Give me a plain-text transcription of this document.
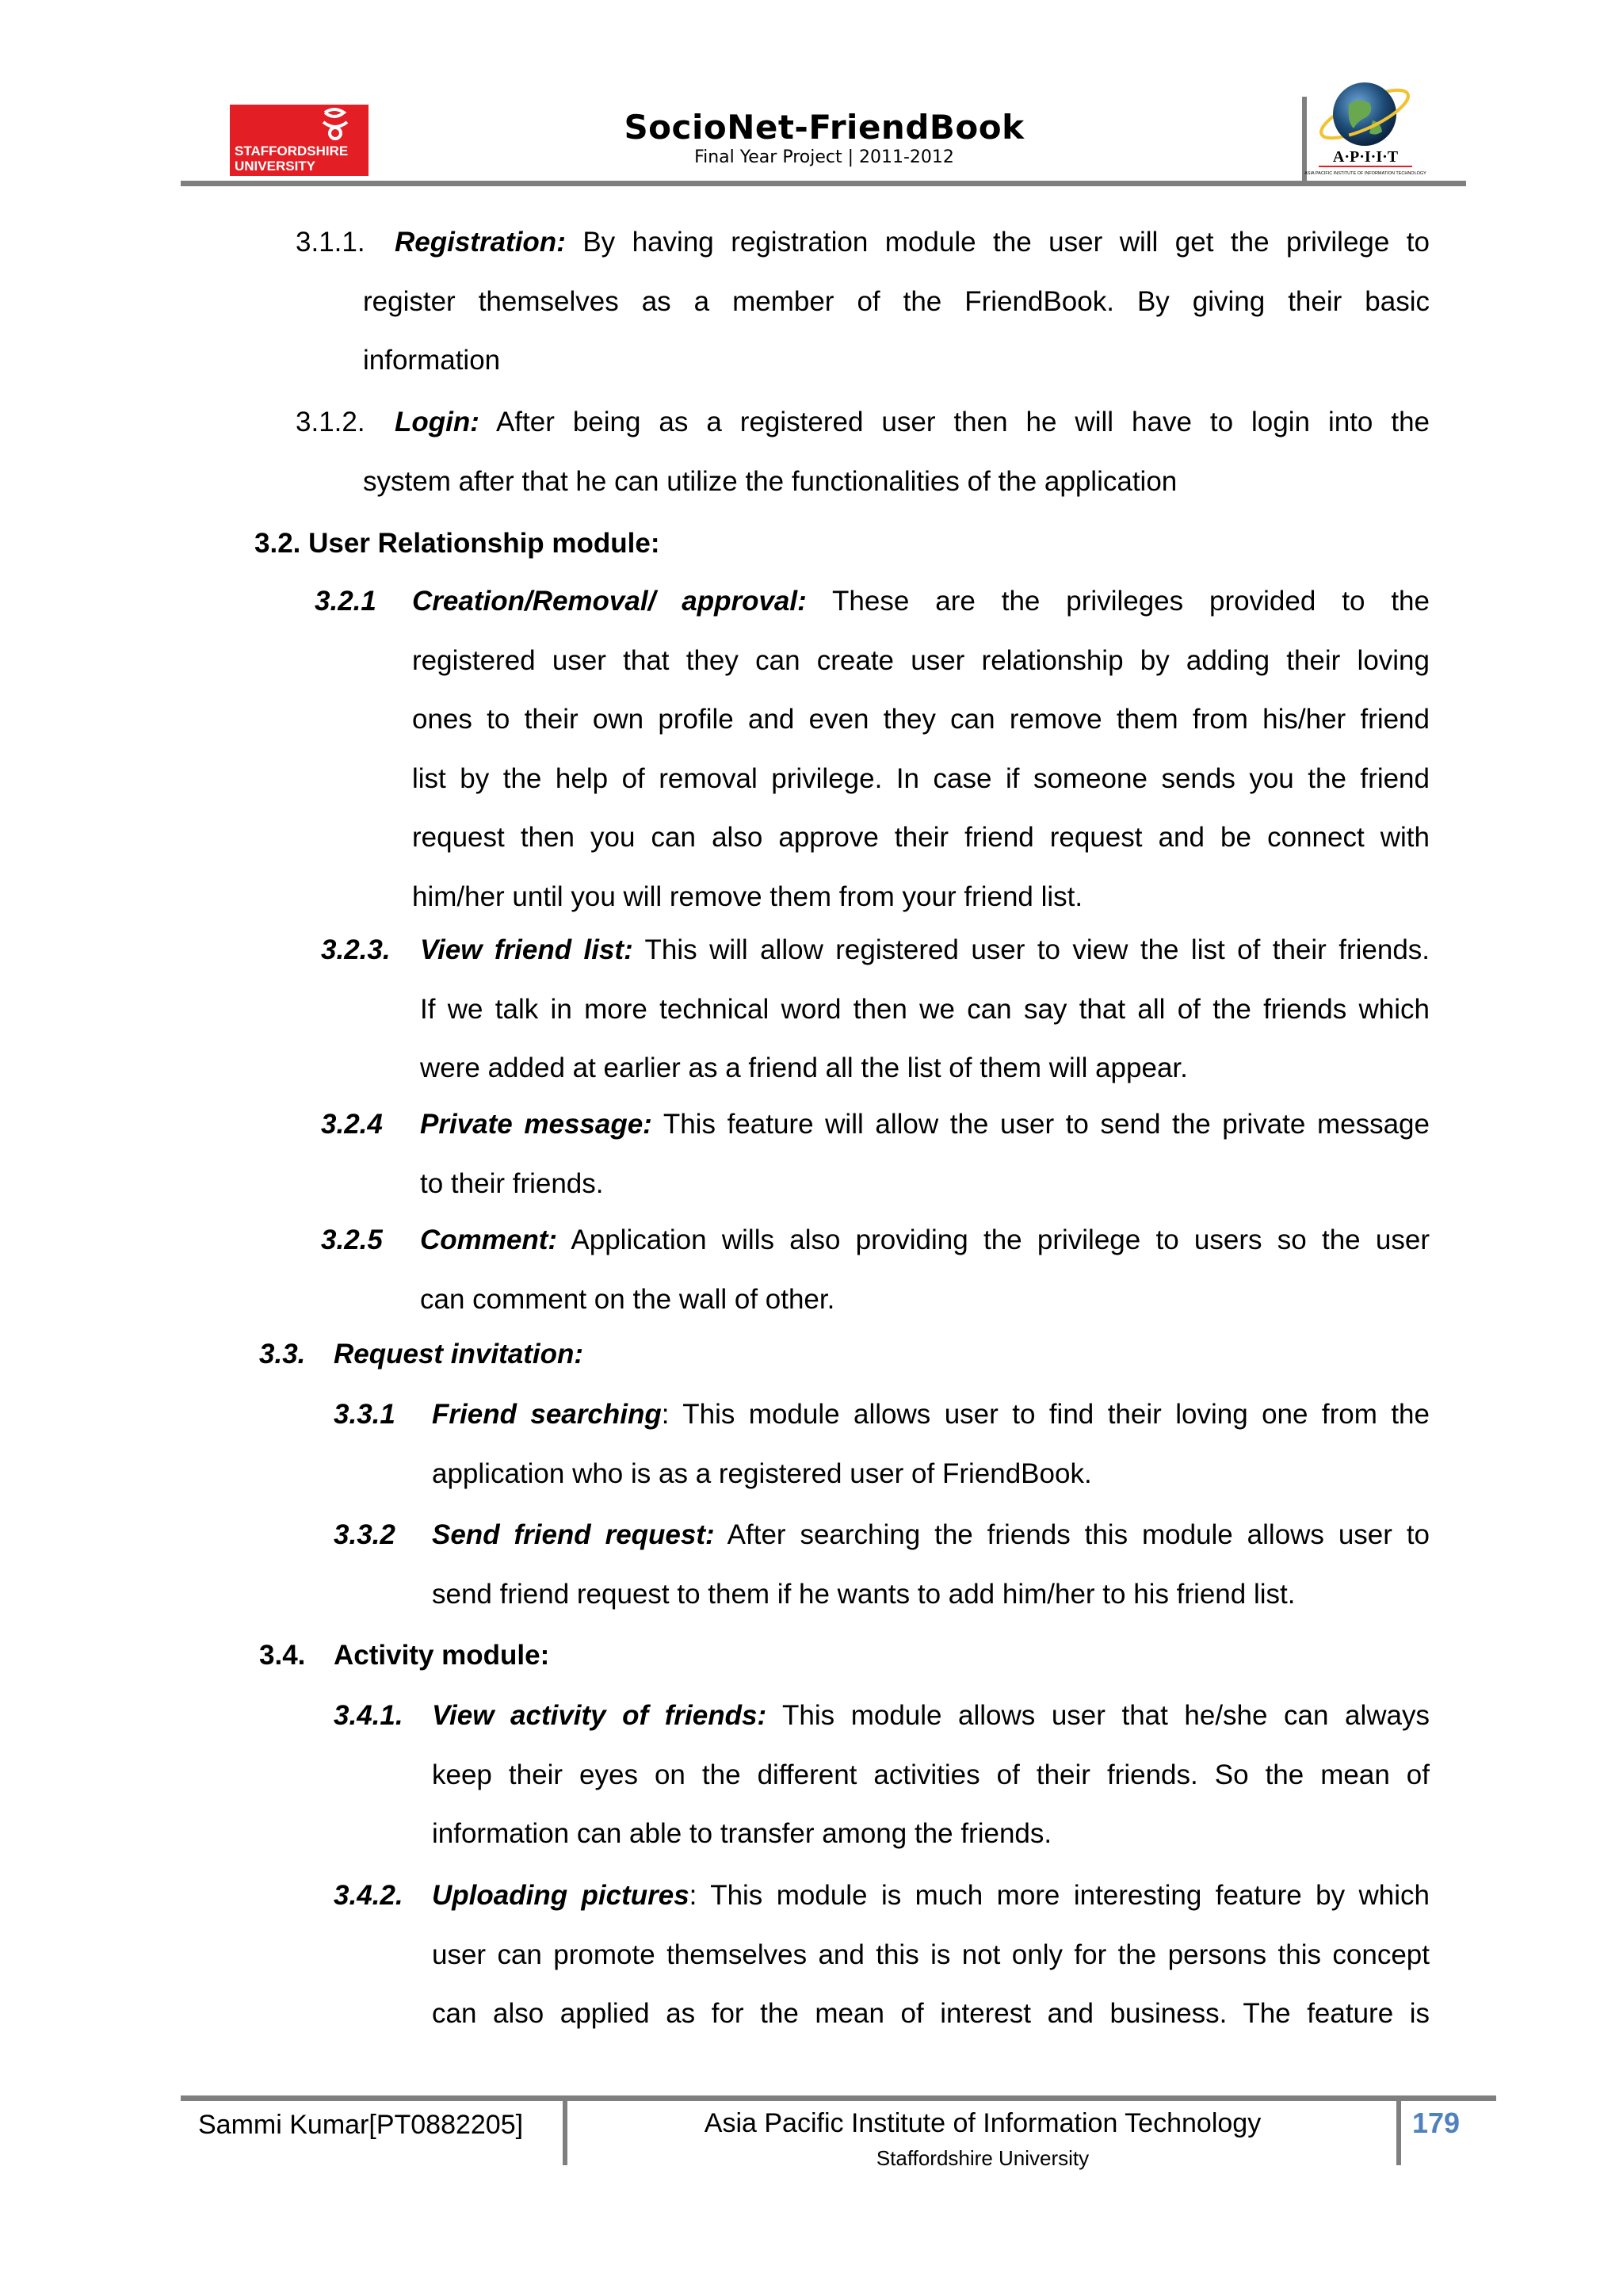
STAFFORDSHIRE
UNIVERSITY
SocioNet-FriendBook
Final Year Project | 2011-2012	A·P·I·I·T
ASIA PACIFIC INSTITUTE OF INFORMATION TECHNOLOGY
3.1.1. Registration: By having registration module the user will get the privilege to
register themselves as a member of the FriendBook. By giving their basic
information
3.1.2. Login: After being as a registered user then he will have to login into the
system after that he can utilize the functionalities of the application
3.2. User Relationship module:
3.2.1 Creation/Removal/ approval: These are the privileges provided to the
registered user that they can create user relationship by adding their loving
ones to their own profile and even they can remove them from his/her friend
list by the help of removal privilege. In case if someone sends you the friend
request then you can also approve their friend request and be connect with
him/her until you will remove them from your friend list.
3.2.3. View friend list: This will allow registered user to view the list of their friends.
If we talk in more technical word then we can say that all of the friends which
were added at earlier as a friend all the list of them will appear.
3.2.4 Private message: This feature will allow the user to send the private message
to their friends.
3.2.5 Comment: Application wills also providing the privilege to users so the user
can comment on the wall of other.
3.3. Request invitation:
3.3.1 Friend searching: This module allows user to find their loving one from the
application who is as a registered user of FriendBook.
3.3.2 Send friend request: After searching the friends this module allows user to
send friend request to them if he wants to add him/her to his friend list.
3.4. Activity module:
3.4.1. View activity of friends: This module allows user that he/she can always
keep their eyes on the different activities of their friends. So the mean of
information can able to transfer among the friends.
3.4.2. Uploading pictures: This module is much more interesting feature by which
user can promote themselves and this is not only for the persons this concept
can also applied as for the mean of interest and business. The feature is
Sammi Kumar[PT0882205]	Asia Pacific Institute of Information Technology
Staffordshire University
179
